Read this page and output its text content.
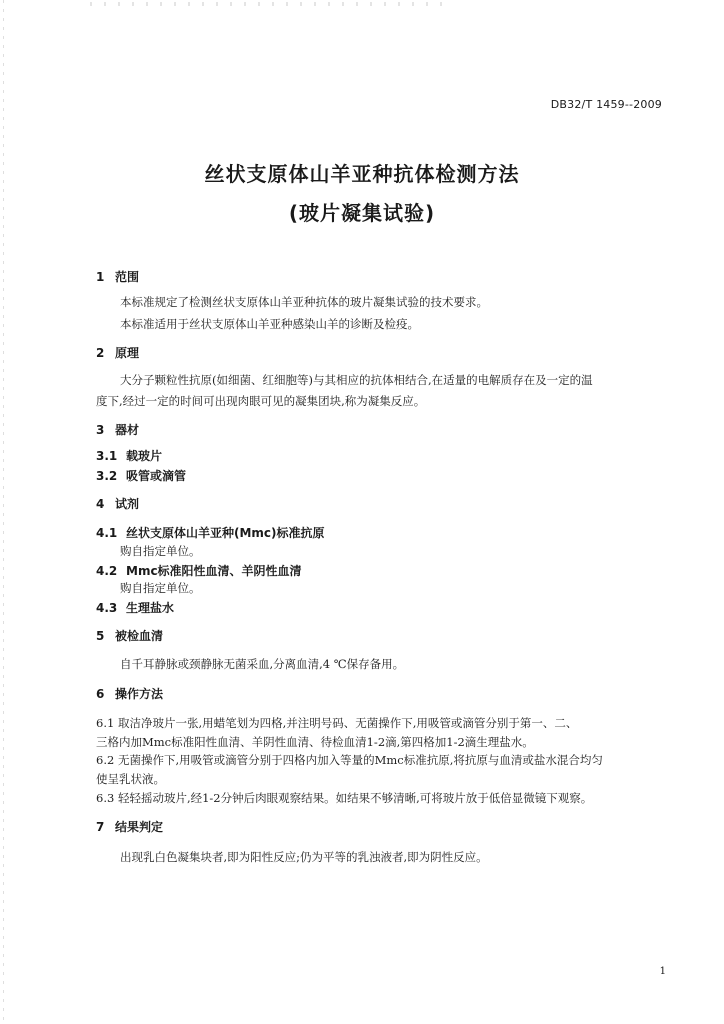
DB32/T 1459--2009
丝状支原体山羊亚种抗体检测方法
(玻片凝集试验)
1 范围
本标准规定了检测丝状支原体山羊亚种抗体的玻片凝集试验的技术要求。
本标准适用于丝状支原体山羊亚种感染山羊的诊断及检疫。
2 原理
大分子颗粒性抗原(如细菌、红细胞等)与其相应的抗体相结合,在适量的电解质存在及一定的温
度下,经过一定的时间可出现肉眼可见的凝集团块,称为凝集反应。
3 器材
3.1 载玻片
3.2 吸管或滴管
4 试剂
4.1 丝状支原体山羊亚种(Mmc)标准抗原
购自指定单位。
4.2 Mmc标准阳性血清、羊阴性血清
购自指定单位。
4.3 生理盐水
5 被检血清
自千耳静脉或颈静脉无菌采血,分离血清,4 ℃保存备用。
6 操作方法
6.1 取洁净玻片一张,用蜡笔划为四格,并注明号码、无菌操作下,用吸管或滴管分别于第一、二、
三格内加Mmc标准阳性血清、羊阴性血清、待检血清1-2滴,第四格加1-2滴生理盐水。
6.2 无菌操作下,用吸管或滴管分别于四格内加入等量的Mmc标准抗原,将抗原与血清或盐水混合均匀
使呈乳状液。
6.3 轻轻摇动玻片,经1-2分钟后肉眼观察结果。如结果不够清晰,可将玻片放于低倍显微镜下观察。
7 结果判定
出现乳白色凝集块者,即为阳性反应;仍为平等的乳浊液者,即为阴性反应。
1
